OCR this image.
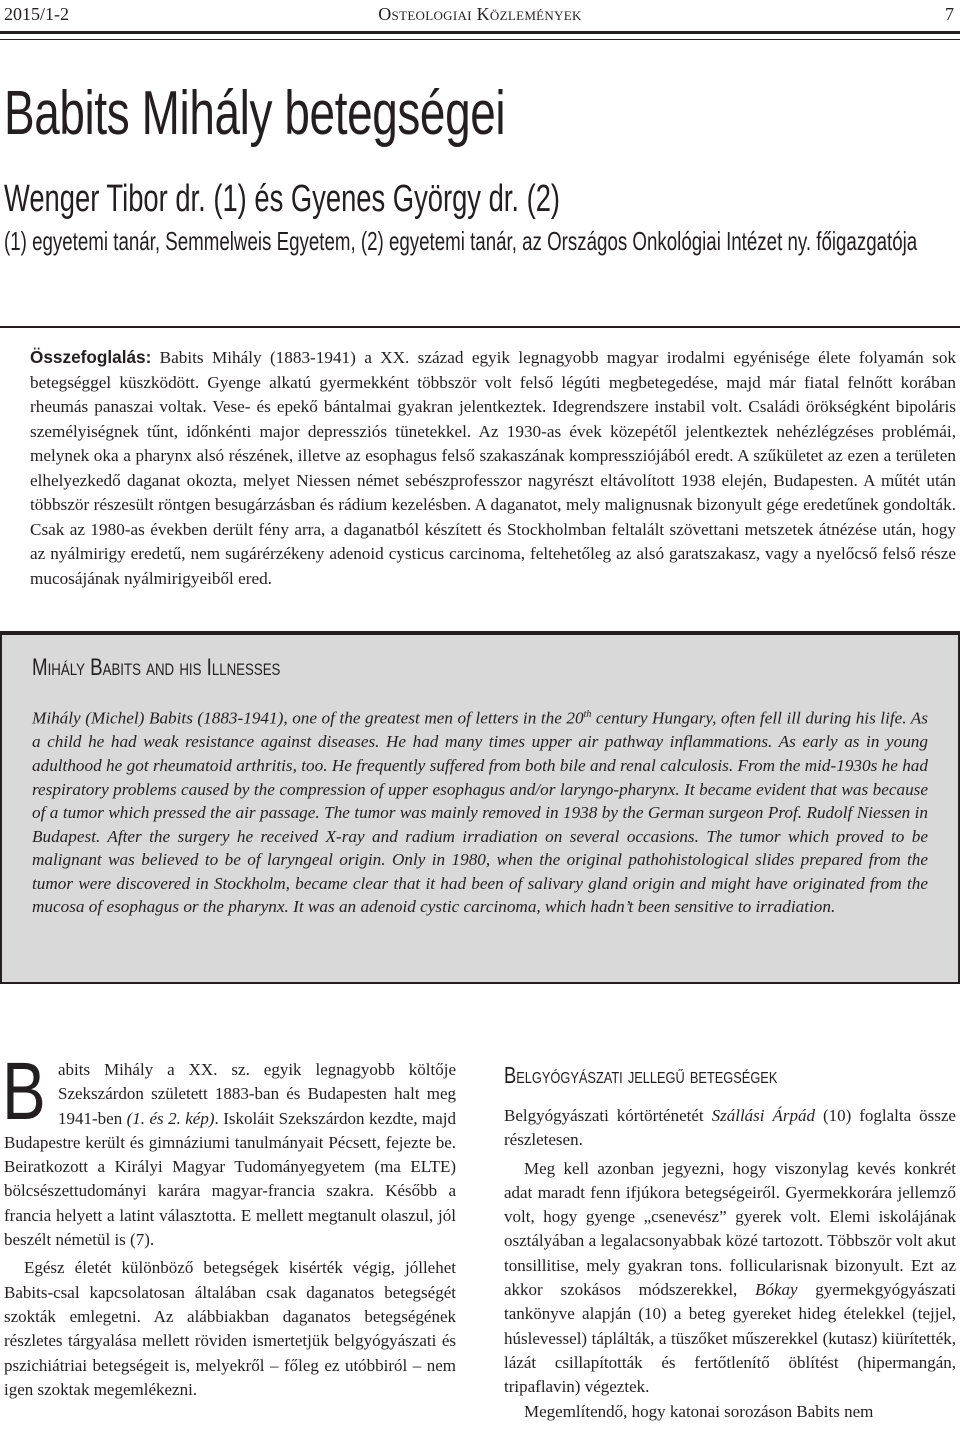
2015/1-2	Osteologiai Közlemények	7
Babits Mihály betegségei
Wenger Tibor dr. (1) és Gyenes György dr. (2)
(1) egyetemi tanár, Semmelweis Egyetem, (2) egyetemi tanár, az Országos Onkológiai Intézet ny. főigazgatója

Összefoglalás: Babits Mihály (1883-1941) a XX. század egyik legnagyobb magyar irodalmi egyénisége élete folyamán sok betegséggel küszködött. Gyenge alkatú gyermekként többször volt felső légúti megbetegedése, majd már fiatal felnőtt korában rheumás panaszai voltak. Vese- és epekő bántalmai gyakran jelentkeztek. Idegrendszere instabil volt. Családi örökségként bipoláris személyiségnek tűnt, időnkénti major depressziós tünetekkel. Az 1930-as évek közepétől jelentkeztek nehézlégzéses problémái, melynek oka a pharynx alsó részének, illetve az esophagus felső szakaszának kompressziójából eredt. A szűkületet az ezen a területen elhelyezkedő daganat okozta, melyet Niessen német sebészprofesszor nagyrészt eltávolított 1938 elején, Budapesten. A műtét után többször részesült röntgen besugárzásban és rádium kezelésben. A daganatot, mely malignusnak bizonyult gége eredetűnek gondolták. Csak az 1980-as években derült fény arra, a daganatból készített és Stockholmban feltalált szövettani metszetek átnézése után, hogy az nyálmirigy eredetű, nem sugárérzékeny adenoid cysticus carcinoma, feltehetőleg az alsó garatszakasz, vagy a nyelőcső felső része mucosájának nyálmirigyeiből ered.

Mihály Babits and his Illnesses

Mihály (Michel) Babits (1883-1941), one of the greatest men of letters in the 20th century Hungary, often fell ill during his life. As a child he had weak resistance against diseases. He had many times upper air pathway inflammations. As early as in young adulthood he got rheumatoid arthritis, too. He frequently suffered from both bile and renal calculosis. From the mid-1930s he had respiratory problems caused by the compression of upper esophagus and/or laryngo-pharynx. It became evident that was because of a tumor which pressed the air passage. The tumor was mainly removed in 1938 by the German surgeon Prof. Rudolf Niessen in Budapest. After the surgery he received X-ray and radium irradiation on several occasions. The tumor which proved to be malignant was believed to be of laryngeal origin. Only in 1980, when the original pathohistological slides prepared from the tumor were discovered in Stockholm, became clear that it had been of salivary gland origin and might have originated from the mucosa of esophagus or the pharynx. It was an adenoid cystic carcinoma, which hadn’t been sensitive to irradiation.

Babits Mihály a XX. sz. egyik legnagyobb költője Szekszárdon született 1883-ban és Budapesten halt meg 1941-ben (1. és 2. kép). Iskoláit Szekszárdon kezdte, majd Budapestre került és gimnáziumi tanulmányait Pécsett, fejezte be. Beiratkozott a Királyi Magyar Tudományegyetem (ma ELTE) bölcsészettudományi karára magyar-francia szakra. Később a francia helyett a latint választotta. E mellett megtanult olaszul, jól beszélt németül is (7).

Egész életét különböző betegségek kisérték végig, jóllehet Babits-csal kapcsolatosan általában csak daganatos betegségét szokták emlegetni. Az alábbiakban daganatos betegségének részletes tárgyalása mellett röviden ismertetjük belgyógyászati és pszichiátriai betegségeit is, melyekről – főleg ez utóbbiról – nem igen szoktak megemlékezni.

Belgyógyászati jellegű betegségek

Belgyógyászati kórtörténetét Szállási Árpád (10) foglalta össze részletesen.

Meg kell azonban jegyezni, hogy viszonylag kevés konkrét adat maradt fenn ifjúkora betegségeiről. Gyermekkorára jellemző volt, hogy gyenge „csenevész” gyerek volt. Elemi iskolájának osztályában a legalacsonyabbak közé tartozott. Többször volt akut tonsillitise, mely gyakran tons. follicularisnak bizonyult. Ezt az akkor szokásos módszerekkel, Bókay gyermekgyógyászati tankönyve alapján (10) a beteg gyereket hideg ételekkel (tejjel, húslevessel) táplálták, a tüszőket műszerekkel (kutasz) kiürítették, lázát csillapították és fertőtlenítő öblítést (hipermangán, tripaflavin) végeztek.

Megemlítendő, hogy katonai sorozáson Babits nem
